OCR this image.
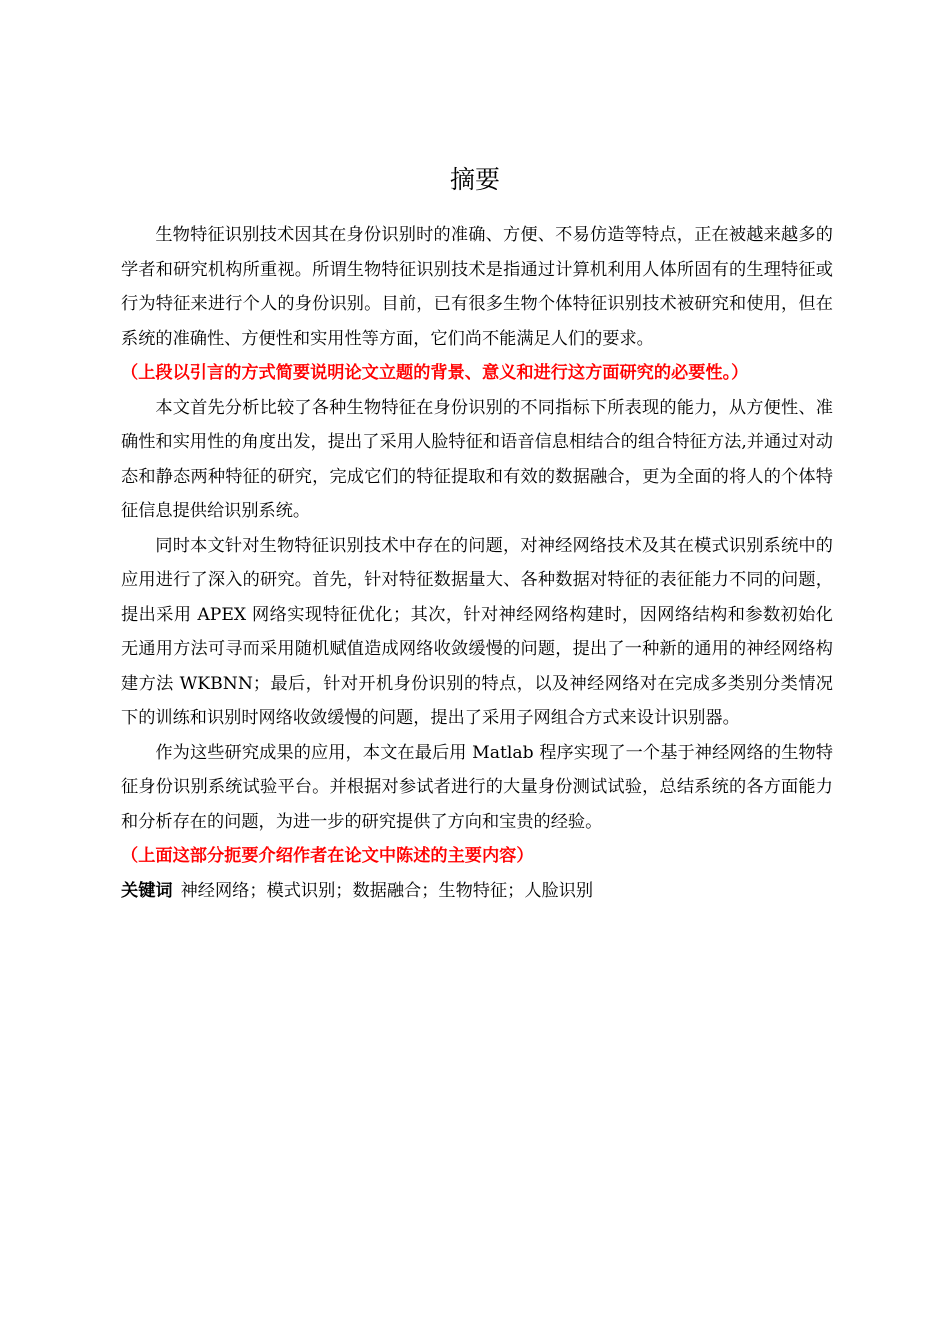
摘要

生物特征识别技术因其在身份识别时的准确、方便、不易仿造等特点，正在被越来越多的学者和研究机构所重视。所谓生物特征识别技术是指通过计算机利用人体所固有的生理特征或行为特征来进行个人的身份识别。目前，已有很多生物个体特征识别技术被研究和使用，但在系统的准确性、方便性和实用性等方面，它们尚不能满足人们的要求。

（上段以引言的方式简要说明论文立题的背景、意义和进行这方面研究的必要性。）

本文首先分析比较了各种生物特征在身份识别的不同指标下所表现的能力，从方便性、准确性和实用性的角度出发，提出了采用人脸特征和语音信息相结合的组合特征方法,并通过对动态和静态两种特征的研究，完成它们的特征提取和有效的数据融合，更为全面的将人的个体特征信息提供给识别系统。

同时本文针对生物特征识别技术中存在的问题，对神经网络技术及其在模式识别系统中的应用进行了深入的研究。首先，针对特征数据量大、各种数据对特征的表征能力不同的问题，提出采用 APEX 网络实现特征优化；其次，针对神经网络构建时，因网络结构和参数初始化无通用方法可寻而采用随机赋值造成网络收敛缓慢的问题，提出了一种新的通用的神经网络构建方法 WKBNN；最后，针对开机身份识别的特点，以及神经网络对在完成多类别分类情况下的训练和识别时网络收敛缓慢的问题，提出了采用子网组合方式来设计识别器。

作为这些研究成果的应用，本文在最后用 Matlab 程序实现了一个基于神经网络的生物特征身份识别系统试验平台。并根据对参试者进行的大量身份测试试验，总结系统的各方面能力和分析存在的问题，为进一步的研究提供了方向和宝贵的经验。

（上面这部分扼要介绍作者在论文中陈述的主要内容）

关键词 神经网络；模式识别；数据融合；生物特征；人脸识别
